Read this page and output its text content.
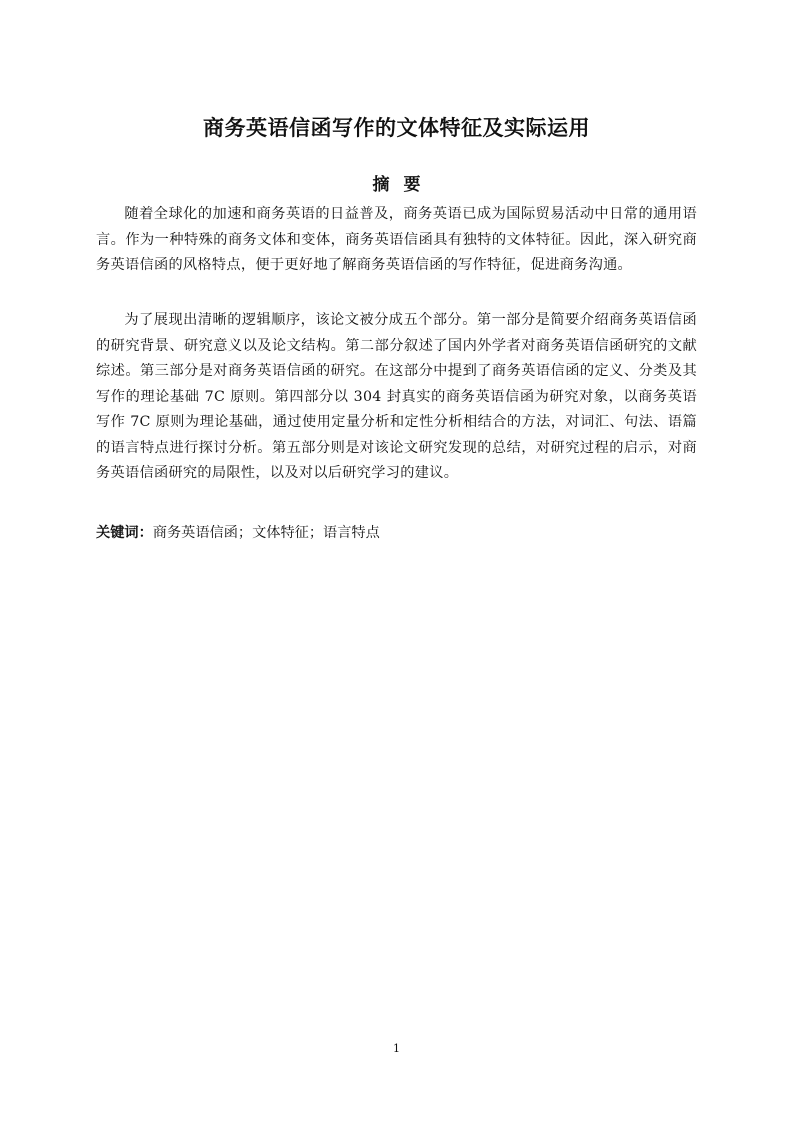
商务英语信函写作的文体特征及实际运用
摘 要

随着全球化的加速和商务英语的日益普及，商务英语已成为国际贸易活动中日常的通用语言。作为一种特殊的商务文体和变体，商务英语信函具有独特的文体特征。因此，深入研究商务英语信函的风格特点，便于更好地了解商务英语信函的写作特征，促进商务沟通。

为了展现出清晰的逻辑顺序，该论文被分成五个部分。第一部分是简要介绍商务英语信函的研究背景、研究意义以及论文结构。第二部分叙述了国内外学者对商务英语信函研究的文献综述。第三部分是对商务英语信函的研究。在这部分中提到了商务英语信函的定义、分类及其写作的理论基础 7C 原则。第四部分以 304 封真实的商务英语信函为研究对象，以商务英语写作 7C 原则为理论基础，通过使用定量分析和定性分析相结合的方法，对词汇、句法、语篇的语言特点进行探讨分析。第五部分则是对该论文研究发现的总结，对研究过程的启示，对商务英语信函研究的局限性，以及对以后研究学习的建议。

关键词：商务英语信函；文体特征；语言特点
1
